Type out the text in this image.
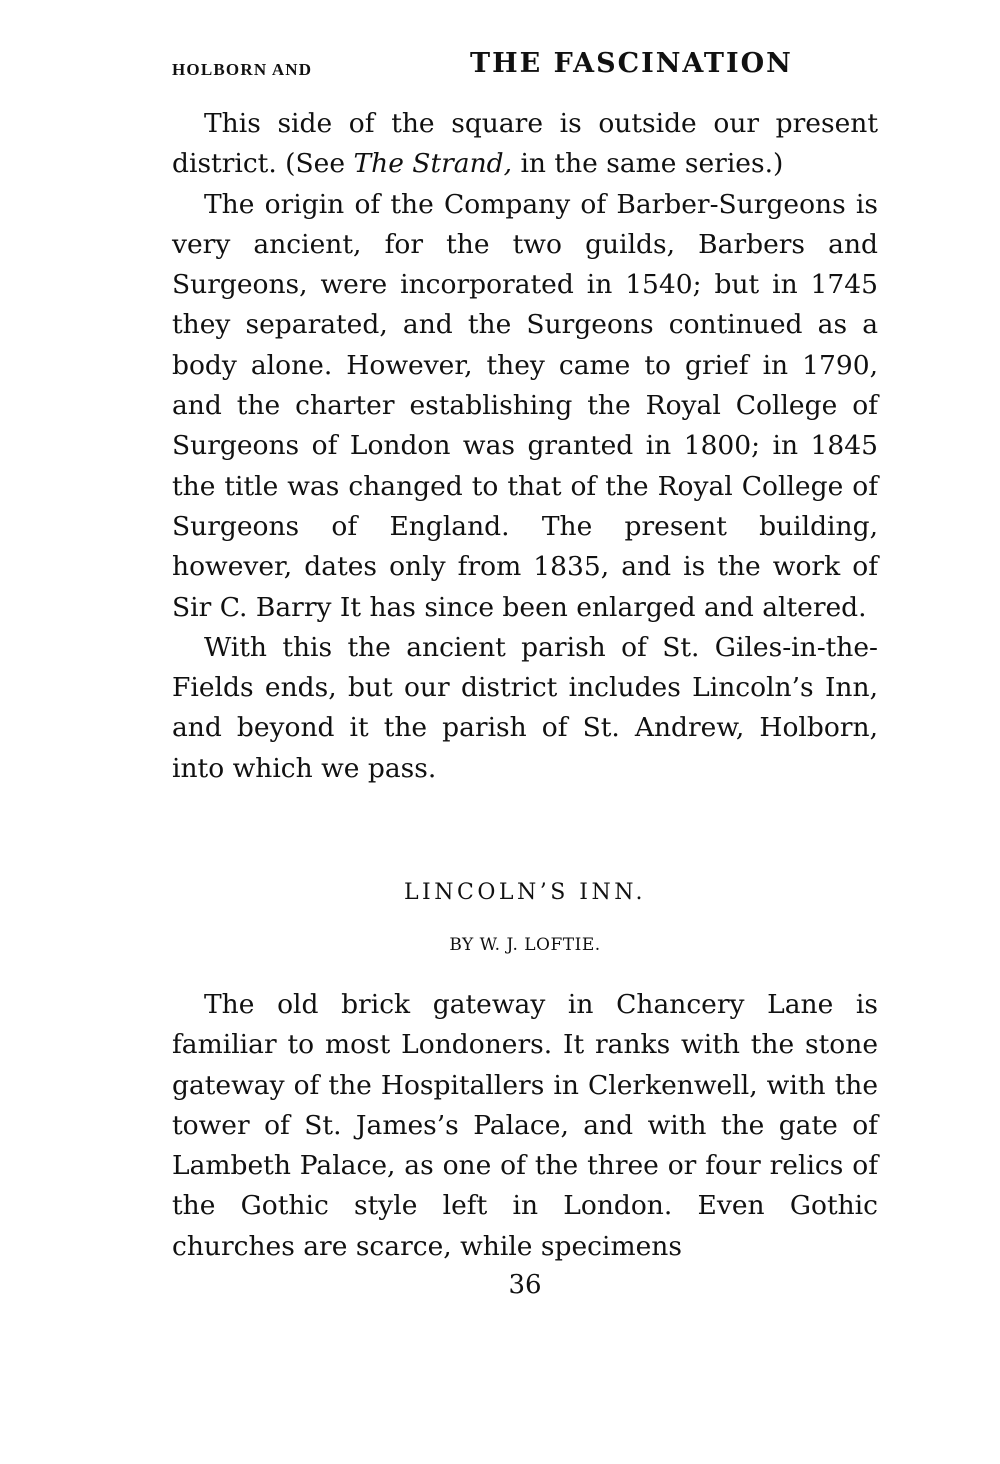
HOLBORN AND	THE FASCINATION

This side of the square is outside our present district. (See The Strand, in the same series.)

The origin of the Company of Barber-Surgeons is very ancient, for the two guilds, Barbers and Surgeons, were incorporated in 1540; but in 1745 they separated, and the Surgeons continued as a body alone. However, they came to grief in 1790, and the charter establishing the Royal College of Surgeons of London was granted in 1800; in 1845 the title was changed to that of the Royal College of Surgeons of England. The present building, however, dates only from 1835, and is the work of Sir C. Barry It has since been enlarged and altered.

With this the ancient parish of St. Giles-in-the-Fields ends, but our district includes Lincoln’s Inn, and beyond it the parish of St. Andrew, Holborn, into which we pass.

LINCOLN’S INN.
BY W. J. LOFTIE.

The old brick gateway in Chancery Lane is familiar to most Londoners. It ranks with the stone gateway of the Hospitallers in Clerkenwell, with the tower of St. James’s Palace, and with the gate of Lambeth Palace, as one of the three or four relics of the Gothic style left in London. Even Gothic churches are scarce, while specimens

36
